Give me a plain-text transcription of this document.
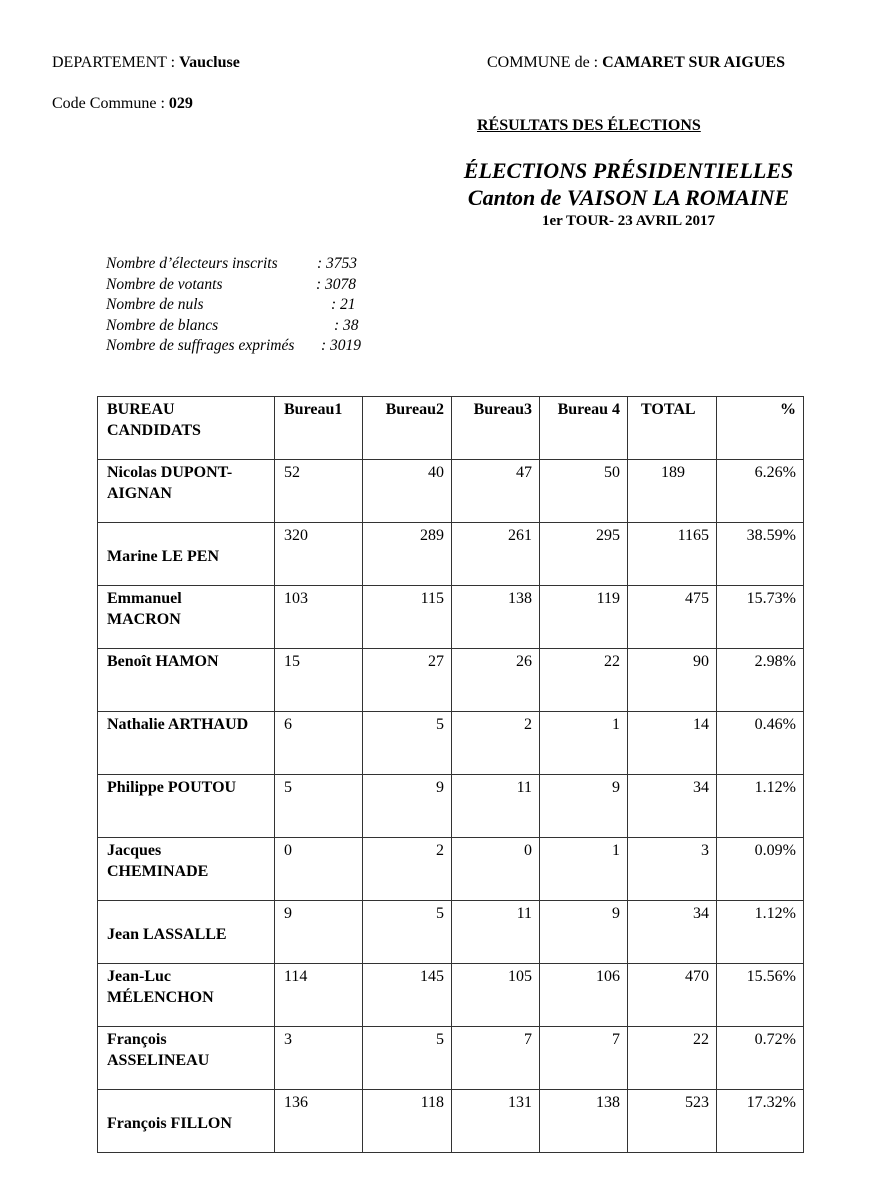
DEPARTEMENT : Vaucluse	COMMUNE de : CAMARET SUR AIGUES
Code Commune : 029
RÉSULTATS DES ÉLECTIONS
ÉLECTIONS PRÉSIDENTIELLES
Canton de VAISON LA ROMAINE
1er TOUR- 23 AVRIL 2017
Nombre d’électeurs inscrits	: 3753
Nombre de votants	: 3078
Nombre de nuls	: 21
Nombre de blancs	: 38
Nombre de suffrages exprimés : 3019
BUREAU
CANDIDATS	Bureau1	Bureau2	Bureau3	Bureau 4	TOTAL	%

Nicolas DUPONT-
AIGNAN	52	40	47	50	189	6.26%

Marine LE PEN	320	289	261	295	1165	38.59%

Emmanuel
MACRON	103	115	138	119	475	15.73%

Benoît HAMON	15	27	26	22	90	2.98%

Nathalie ARTHAUD	6	5	2	1	14	0.46%

Philippe POUTOU	5	9	11	9	34	1.12%

Jacques
CHEMINADE	0	2	0	1	3	0.09%

Jean LASSALLE	9	5	11	9	34	1.12%

Jean-Luc
MÉLENCHON	114	145	105	106	470	15.56%

François
ASSELINEAU	3	5	7	7	22	0.72%

François FILLON	136	118	131	138	523	17.32%
